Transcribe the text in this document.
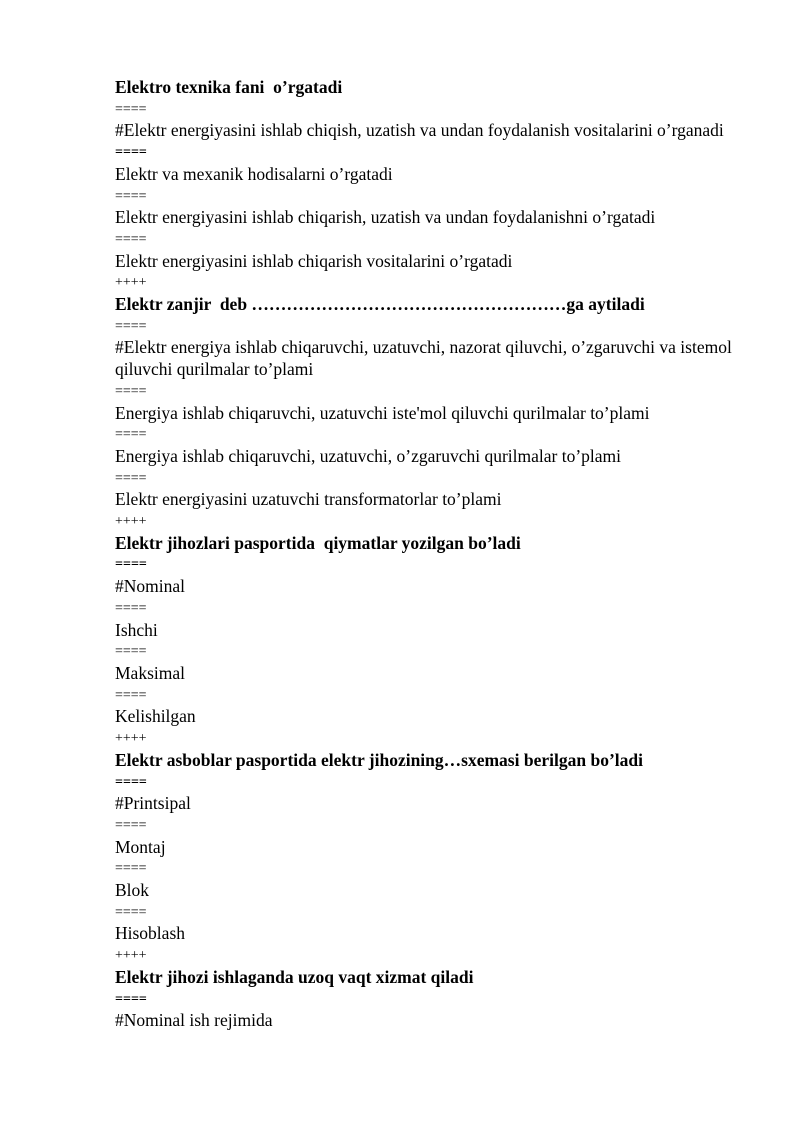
Elektro texnika fani  o’rgatadi
====
#Elektr energiyasini ishlab chiqish, uzatish va undan foydalanish vositalarini o’rganadi
====
Elektr va mexanik hodisalarni o’rgatadi
====
Elektr energiyasini ishlab chiqarish, uzatish va undan foydalanishni o’rgatadi
====
Elektr energiyasini ishlab chiqarish vositalarini o’rgatadi
++++
Elektr zanjir  deb ………………………………………………ga aytiladi
====
#Elektr energiya ishlab chiqaruvchi, uzatuvchi, nazorat qiluvchi, o’zgaruvchi va istemol qiluvchi qurilmalar to’plami
====
Energiya ishlab chiqaruvchi, uzatuvchi iste'mol qiluvchi qurilmalar to’plami
====
Energiya ishlab chiqaruvchi, uzatuvchi, o’zgaruvchi qurilmalar to’plami
====
Elektr energiyasini uzatuvchi transformatorlar to’plami
++++
Elektr jihozlari pasportida  qiymatlar yozilgan bo’ladi
====
#Nominal
====
Ishchi
====
Maksimal
====
Kelishilgan
++++
Elektr asboblar pasportida elektr jihozining…sxemasi berilgan bo’ladi
====
#Printsipal
====
Montaj
====
Blok
====
Hisoblash
++++
Elektr jihozi ishlaganda uzoq vaqt xizmat qiladi
====
#Nominal ish rejimida
